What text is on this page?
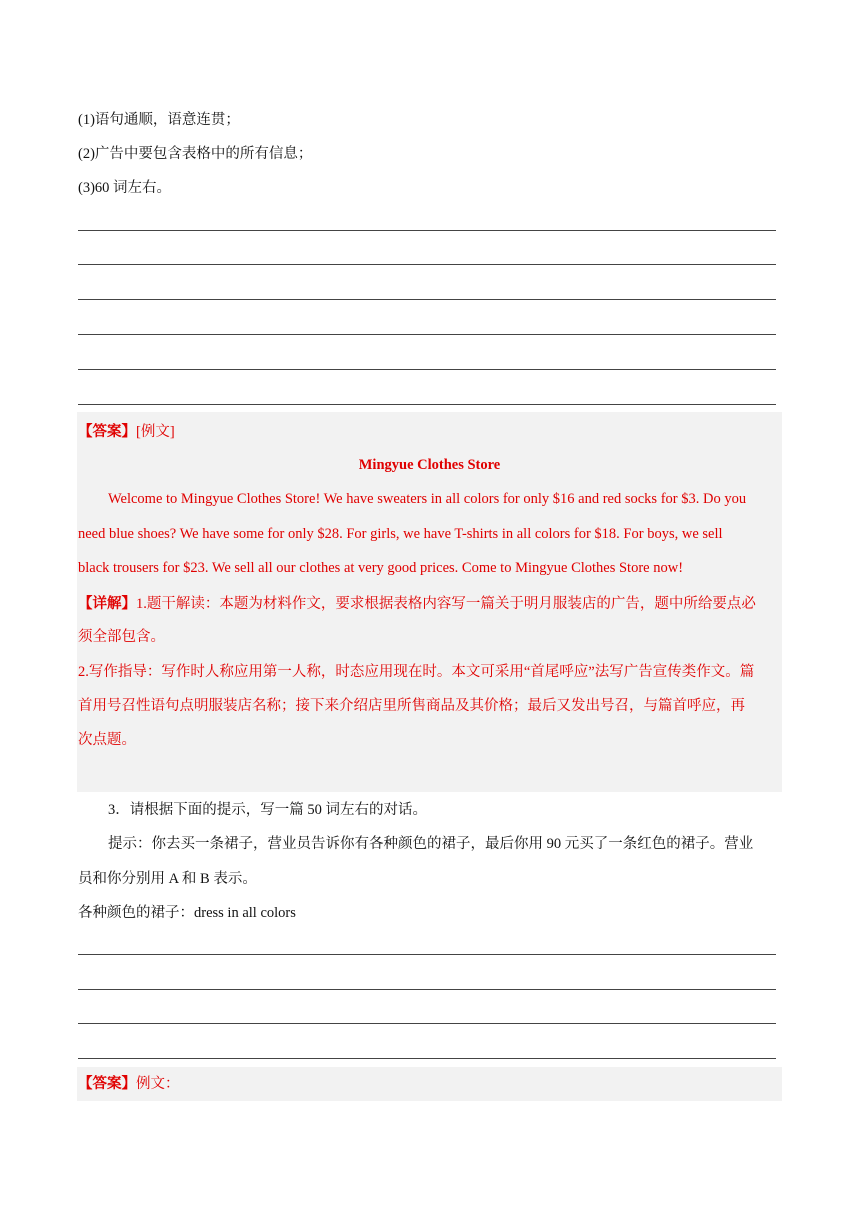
(1)语句通顺，语意连贯；
(2)广告中要包含表格中的所有信息；
(3)60 词左右。
【答案】[例文]
Mingyue Clothes Store
Welcome to Mingyue Clothes Store! We have sweaters in all colors for only $16 and red socks for $3. Do you
need blue shoes? We have some for only $28. For girls, we have T-shirts in all colors for $18. For boys, we sell
black trousers for $23. We sell all our clothes at very good prices. Come to Mingyue Clothes Store now!
【详解】1.题干解读：本题为材料作文，要求根据表格内容写一篇关于明月服装店的广告，题中所给要点必
须全部包含。
2.写作指导：写作时人称应用第一人称，时态应用现在时。本文可采用“首尾呼应”法写广告宣传类作文。篇
首用号召性语句点明服装店名称；接下来介绍店里所售商品及其价格；最后又发出号召，与篇首呼应，再
次点题。
3．请根据下面的提示，写一篇 50 词左右的对话。
提示：你去买一条裙子，营业员告诉你有各种颜色的裙子，最后你用 90 元买了一条红色的裙子。营业
员和你分别用 A 和 B 表示。
各种颜色的裙子：dress in all colors
【答案】例文：
